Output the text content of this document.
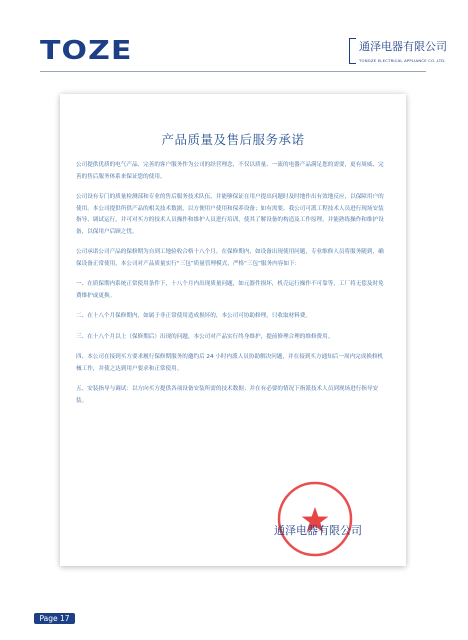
TOZE	通泽电器有限公司
TONGZE ELECTRICAL APPLIANCE CO.,LTD.
产品质量及售后服务承诺

公司提供优质的电气产品、完善的客户服务作为公司的经营理念，不仅以质量、一流的电器产品满足您的需要，更有周威、完善的售后服务体系来保证您的使用。

公司设有专门的质量检测部和专业的售后服务技术队伍，并能够保证在用户提出问题时及时地作出有效地反应，以保障用户的使用。本公司提供所供产品的相关技术数据，以方便用户使用和保养设备；如有需要，我公司可派工程技术人员进行现场安装指导、调试运行，并可对买方的技术人员操作和维护人员进行培训，使其了解设备的构造及工作原理，并能熟练操作和维护设备，以保用户后顾之忧。

公司承诺公司产品的保修期为自到工地验收合格十八个月。在保修期内，如设备出现使用问题，专业维修人员将服务随到，确保设备正常使用。本公司对产品质量实行“三包”质量管理模式，严格“三包”服务内容如下：

一、在质保期内系统正常使用条件下，十八个月内出现质量问题，如元器件损坏，机壳运行操作不可靠等，工厂将无偿及时免费维护或更换。

二、在十八个月保修期内，如属于非正常使用造成损坏的，本公司可协助修理，只收取材料费。

三、在十八个月以上（保修期后）出现的问题，本公司对产品实行终身维护，提前修理合理的维修费用。

四、本公司在接到买方要求履行保修期服务的邀约后 24 小时内派人员协助解决问题，并在接到买方通知后一周内完成换修机械工作，并使之达到用户要求和正常使用。

五、安装指导与调试：以方向买方提供各项设备安装所需的技术数据；并在有必要的情况下指派技术人员到现场进行指导安装。

通泽电器有限公司
Page 17
